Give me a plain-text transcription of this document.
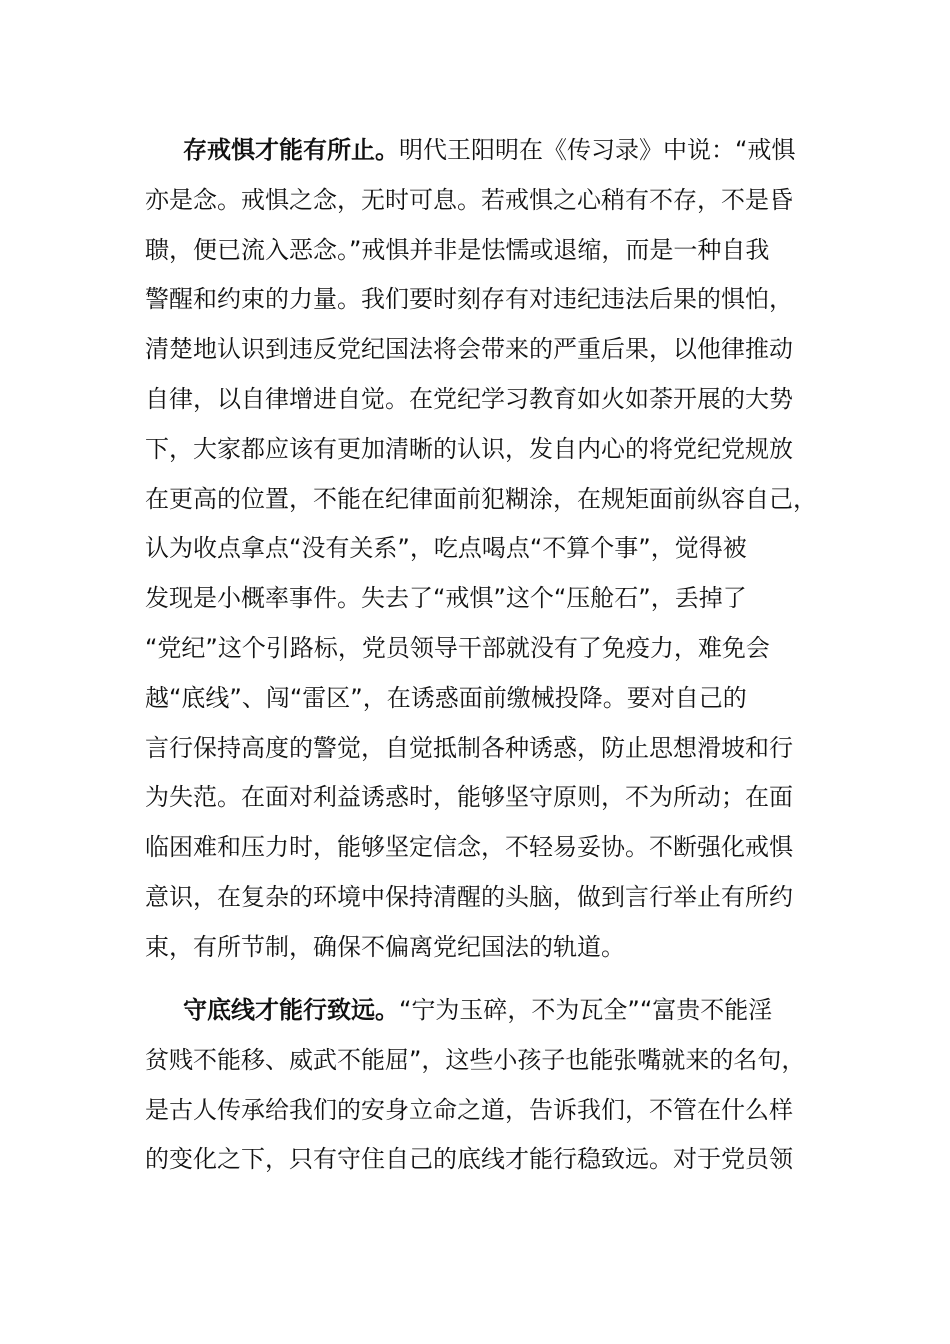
存戒惧才能有所止。明代王阳明在《传习录》中说：“戒惧
亦是念。戒惧之念，无时可息。若戒惧之心稍有不存，不是昏
聩，便已流入恶念。”戒惧并非是怯懦或退缩，而是一种自我
警醒和约束的力量。我们要时刻存有对违纪违法后果的惧怕，
清楚地认识到违反党纪国法将会带来的严重后果，以他律推动
自律，以自律增进自觉。在党纪学习教育如火如荼开展的大势
下，大家都应该有更加清晰的认识，发自内心的将党纪党规放
在更高的位置，不能在纪律面前犯糊涂，在规矩面前纵容自己，
认为收点拿点“没有关系”，吃点喝点“不算个事”，觉得被
发现是小概率事件。失去了“戒惧”这个“压舱石”，丢掉了
“党纪”这个引路标，党员领导干部就没有了免疫力，难免会
越“底线”、闯“雷区”，在诱惑面前缴械投降。要对自己的
言行保持高度的警觉，自觉抵制各种诱惑，防止思想滑坡和行
为失范。在面对利益诱惑时，能够坚守原则，不为所动；在面
临困难和压力时，能够坚定信念，不轻易妥协。不断强化戒惧
意识，在复杂的环境中保持清醒的头脑，做到言行举止有所约
束，有所节制，确保不偏离党纪国法的轨道。
守底线才能行致远。“宁为玉碎，不为瓦全”“富贵不能淫
贫贱不能移、威武不能屈”，这些小孩子也能张嘴就来的名句，
是古人传承给我们的安身立命之道，告诉我们，不管在什么样
的变化之下，只有守住自己的底线才能行稳致远。对于党员领
